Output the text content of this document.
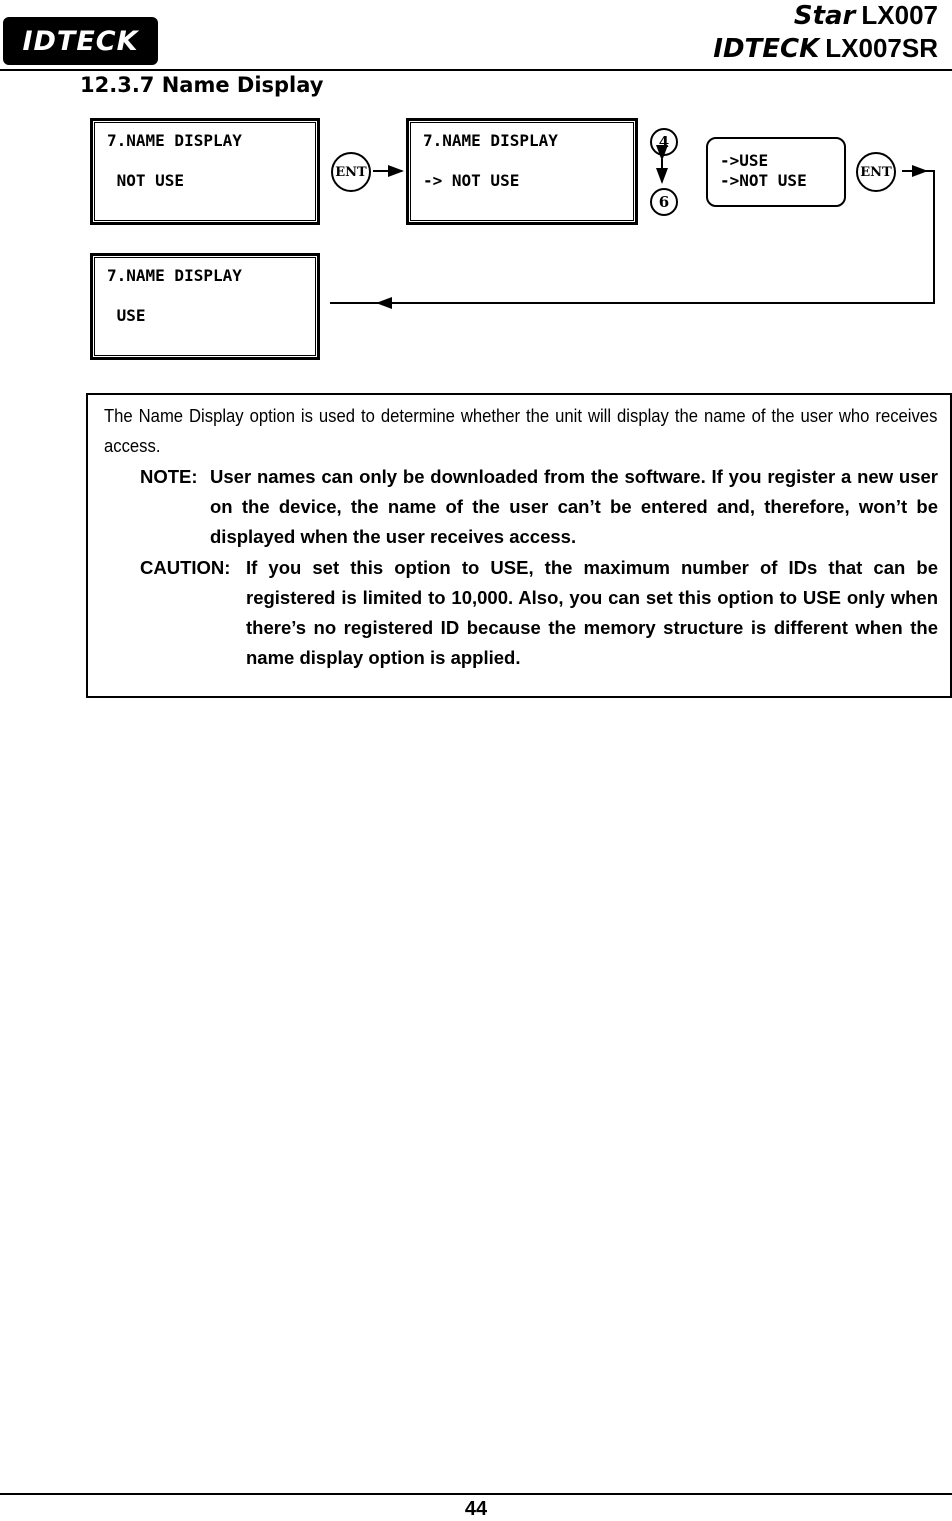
IDTECK
Star LX007
IDTECK LX007SR
12.3.7 Name Display
7.NAME DISPLAY
NOT USE	ENT
7.NAME DISPLAY
-> NOT USE
4
6
->USE
->NOT USE	ENT
7.NAME DISPLAY
USE
The Name Display option is used to determine whether the unit will display the name of the user who receives access.
NOTE: User names can only be downloaded from the software. If you register a new user on the device, the name of the user can’t be entered and, therefore, won’t be displayed when the user receives access.
CAUTION: If you set this option to USE, the maximum number of IDs that can be registered is limited to 10,000. Also, you can set this option to USE only when there’s no registered ID because the memory structure is different when the name display option is applied.
44
